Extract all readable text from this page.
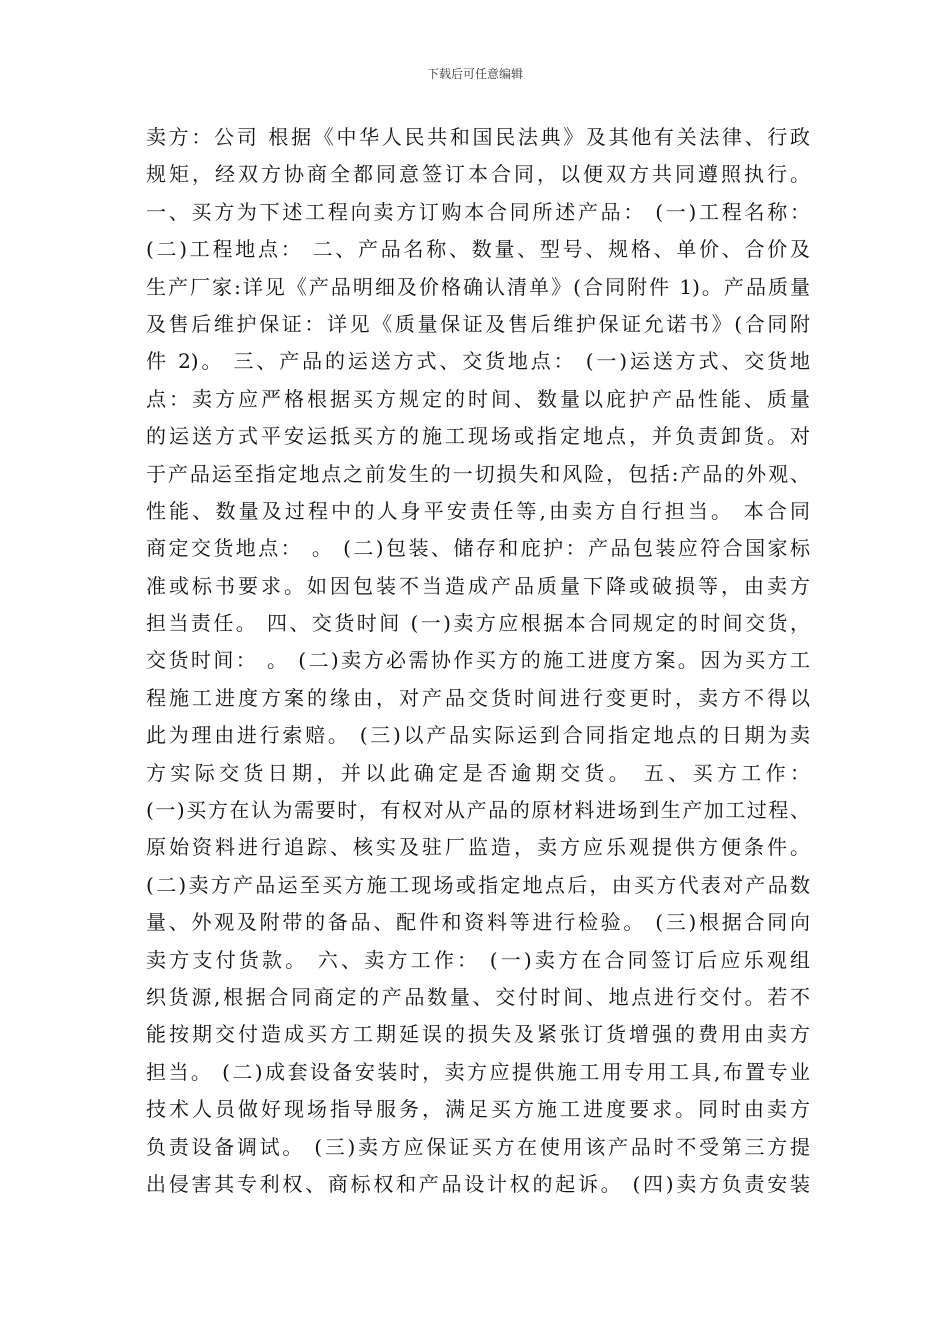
下载后可任意编辑
卖方：公司 根据《中华人民共和国民法典》及其他有关法律、行政
规矩，经双方协商全都同意签订本合同，以便双方共同遵照执行。
一、买方为下述工程向卖方订购本合同所述产品： (一)工程名称：
(二)工程地点： 二、产品名称、数量、型号、规格、单价、合价及
生产厂家:详见《产品明细及价格确认清单》(合同附件 1)。产品质量
及售后维护保证：详见《质量保证及售后维护保证允诺书》(合同附
件 2)。 三、产品的运送方式、交货地点： (一)运送方式、交货地
点：卖方应严格根据买方规定的时间、数量以庇护产品性能、质量
的运送方式平安运抵买方的施工现场或指定地点，并负责卸货。对
于产品运至指定地点之前发生的一切损失和风险，包括:产品的外观、
性能、数量及过程中的人身平安责任等,由卖方自行担当。 本合同
商定交货地点： 。 (二)包装、储存和庇护：产品包装应符合国家标
准或标书要求。如因包装不当造成产品质量下降或破损等，由卖方
担当责任。 四、交货时间 (一)卖方应根据本合同规定的时间交货，
交货时间： 。 (二)卖方必需协作买方的施工进度方案。因为买方工
程施工进度方案的缘由，对产品交货时间进行变更时，卖方不得以
此为理由进行索赔。 (三)以产品实际运到合同指定地点的日期为卖
方实际交货日期，并以此确定是否逾期交货。 五、买方工作：
(一)买方在认为需要时，有权对从产品的原材料进场到生产加工过程、
原始资料进行追踪、核实及驻厂监造，卖方应乐观提供方便条件。
(二)卖方产品运至买方施工现场或指定地点后，由买方代表对产品数
量、外观及附带的备品、配件和资料等进行检验。 (三)根据合同向
卖方支付货款。 六、卖方工作： (一)卖方在合同签订后应乐观组
织货源,根据合同商定的产品数量、交付时间、地点进行交付。若不
能按期交付造成买方工期延误的损失及紧张订货增强的费用由卖方
担当。 (二)成套设备安装时，卖方应提供施工用专用工具,布置专业
技术人员做好现场指导服务，满足买方施工进度要求。同时由卖方
负责设备调试。 (三)卖方应保证买方在使用该产品时不受第三方提
出侵害其专利权、商标权和产品设计权的起诉。 (四)卖方负责安装
